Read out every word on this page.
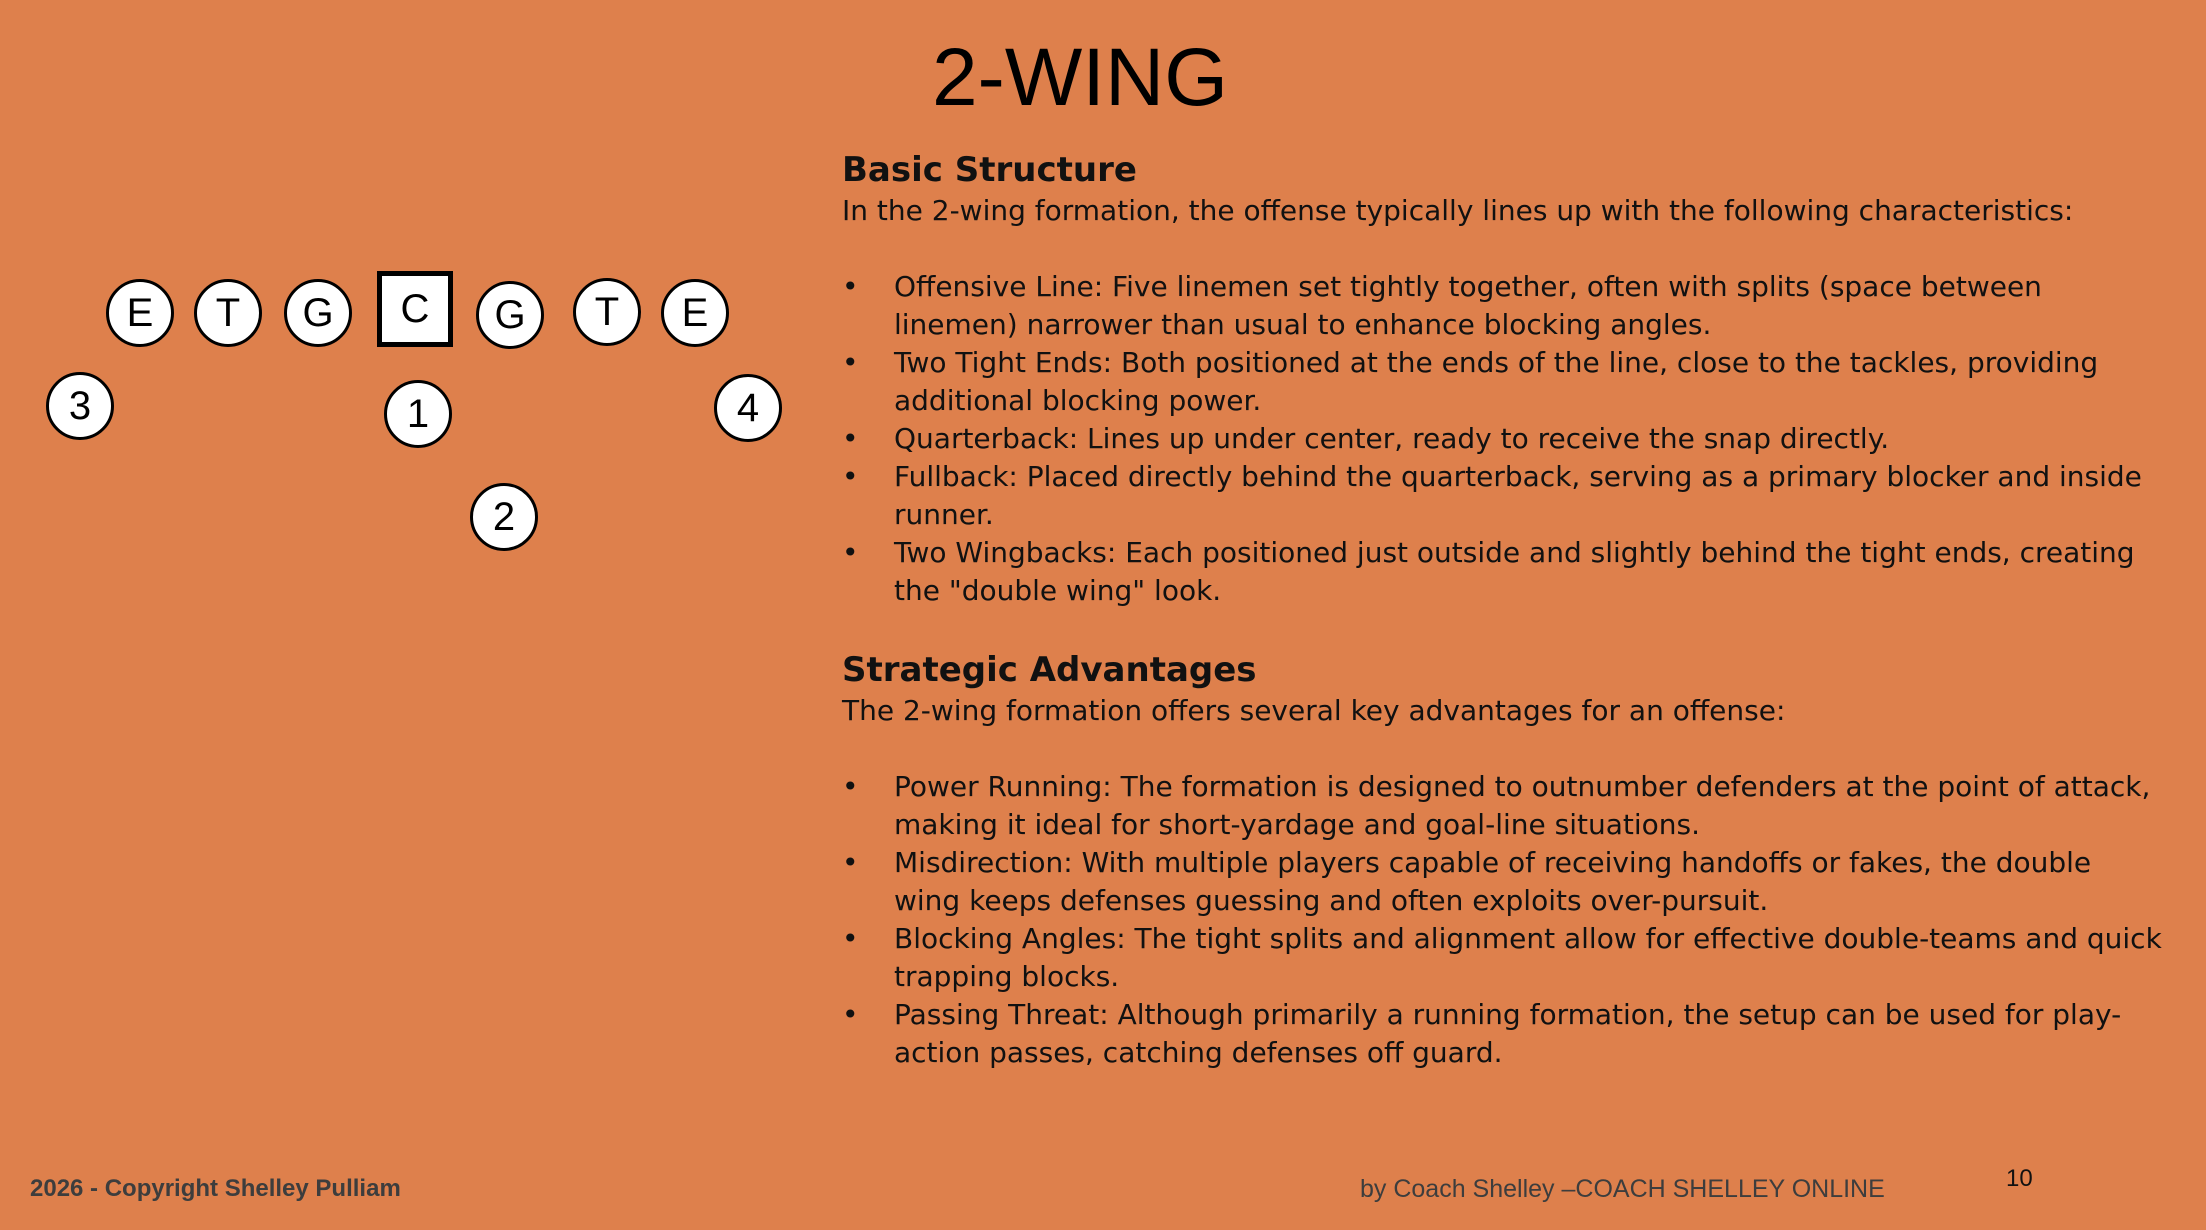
2-WING
E	T	G	C	G	T	E
3	1	4
2
Basic Structure

In the 2-wing formation, the offense typically lines up with the following characteristics:

• Offensive Line: Five linemen set tightly together, often with splits (space between linemen) narrower than usual to enhance blocking angles.
• Two Tight Ends: Both positioned at the ends of the line, close to the tackles, providing additional blocking power.
• Quarterback: Lines up under center, ready to receive the snap directly.
• Fullback: Placed directly behind the quarterback, serving as a primary blocker and inside runner.
• Two Wingbacks: Each positioned just outside and slightly behind the tight ends, creating the "double wing" look.
Strategic Advantages

The 2-wing formation offers several key advantages for an offense:

• Power Running: The formation is designed to outnumber defenders at the point of attack, making it ideal for short-yardage and goal-line situations.
• Misdirection: With multiple players capable of receiving handoffs or fakes, the double wing keeps defenses guessing and often exploits over-pursuit.
• Blocking Angles: The tight splits and alignment allow for effective double-teams and quick trapping blocks.
• Passing Threat: Although primarily a running formation, the setup can be used for play-action passes, catching defenses off guard.
2026 - Copyright Shelley Pulliam	by Coach Shelley –COACH SHELLEY ONLINE	10
